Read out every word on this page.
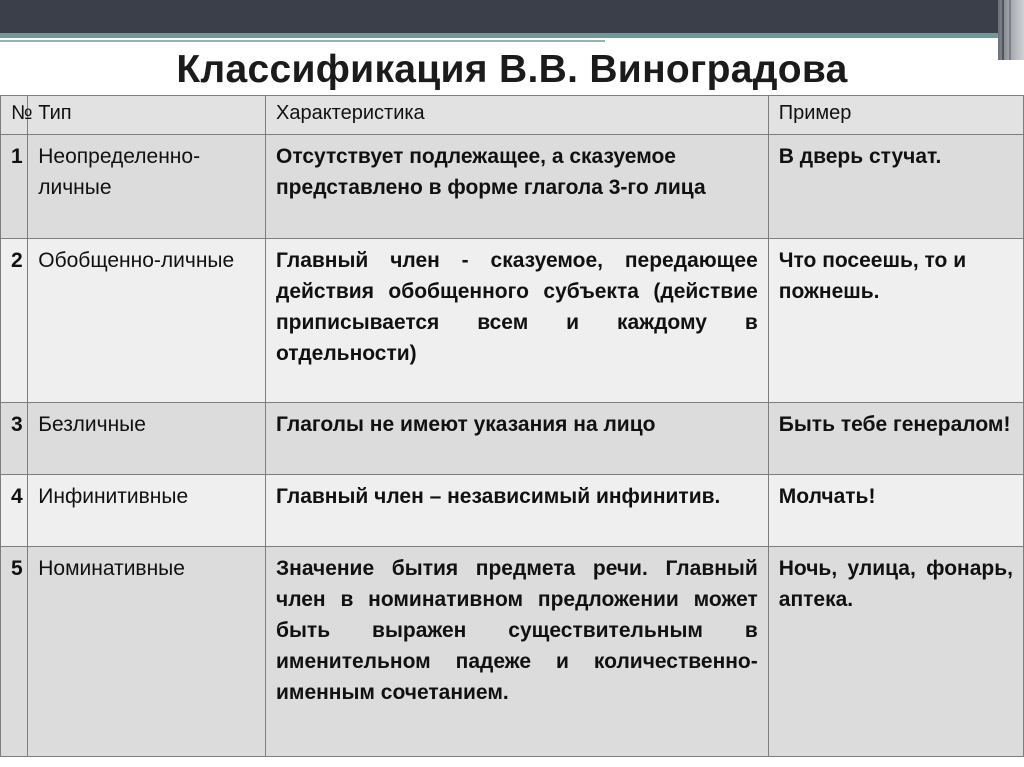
Классификация В.В. Виноградова
№	Тип	Характеристика	Пример
1	Неопределенно-личные	Отсутствует подлежащее, а сказуемое представлено в форме глагола 3-го лица	В дверь стучат.
2	Обобщенно-личные	Главный член - сказуемое, передающее действия обобщенного субъекта (действие приписывается всем и каждому в отдельности)	Что посеешь, то и пожнешь.
3	Безличные	Глаголы не имеют указания на лицо	Быть тебе генералом!
4	Инфинитивные	Главный член – независимый инфинитив.	Молчать!
5	Номинативные	Значение бытия предмета речи. Главный член в номинативном предложении может быть выражен существительным в именительном падеже и количественно-именным сочетанием.	Ночь, улица, фонарь, аптека.
